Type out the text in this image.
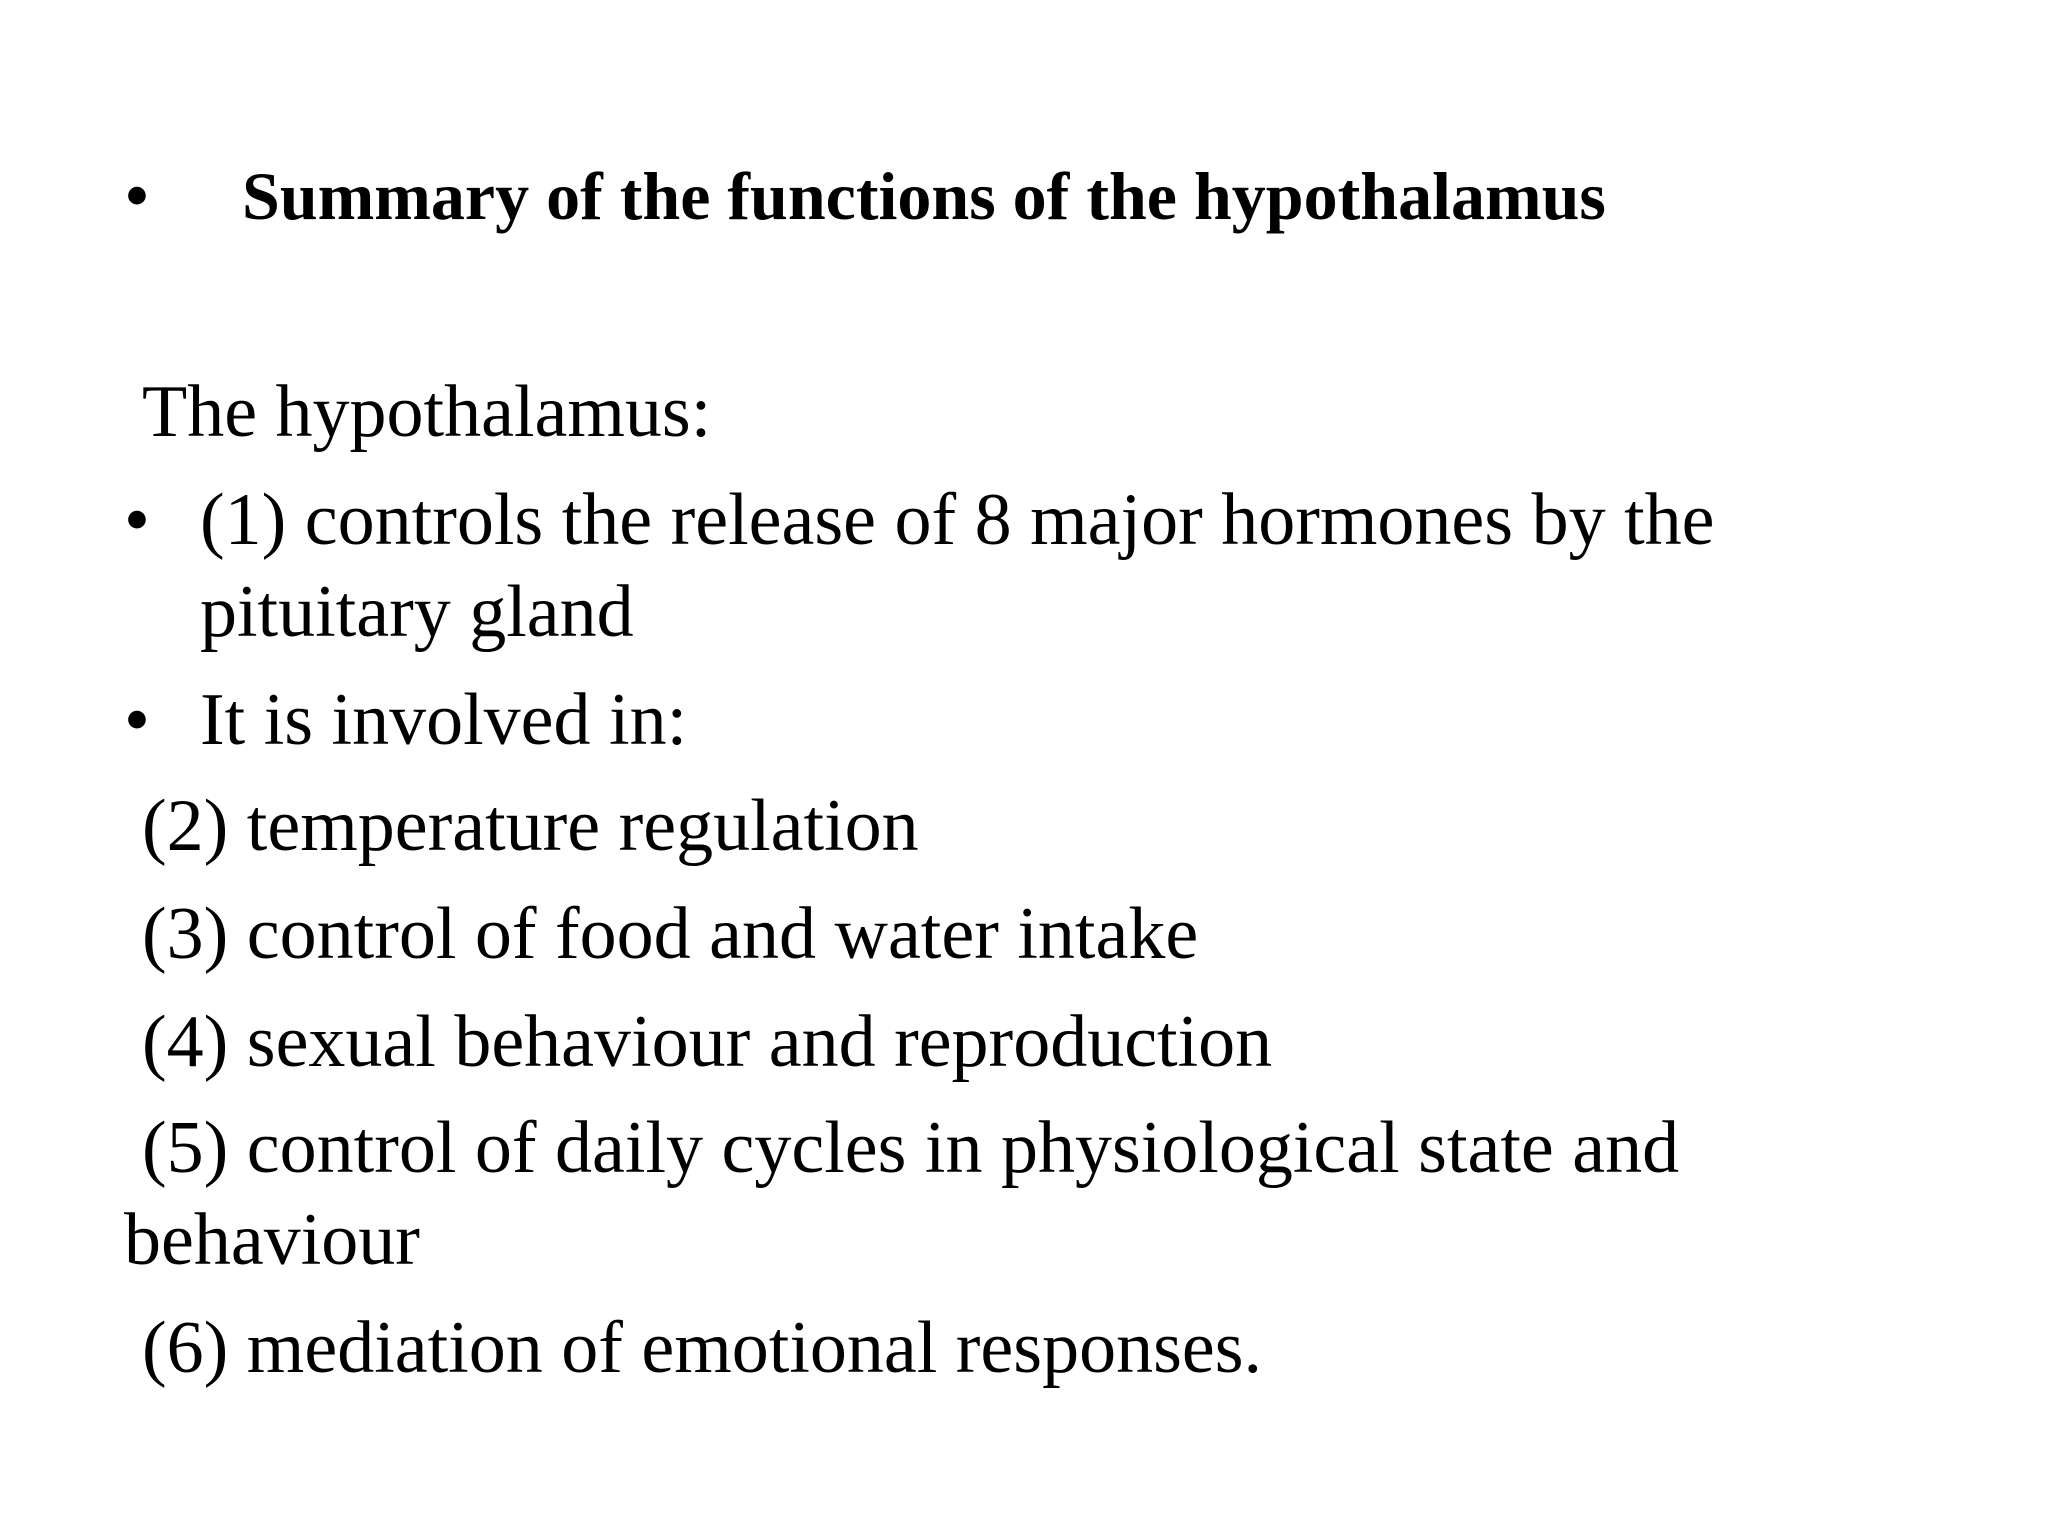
• Summary of the functions of the hypothalamus
The hypothalamus:
• (1) controls the release of 8 major hormones by the
pituitary gland
• It is involved in:
(2) temperature regulation
(3) control of food and water intake
(4) sexual behaviour and reproduction
(5) control of daily cycles in physiological state and
behaviour
(6) mediation of emotional responses.
